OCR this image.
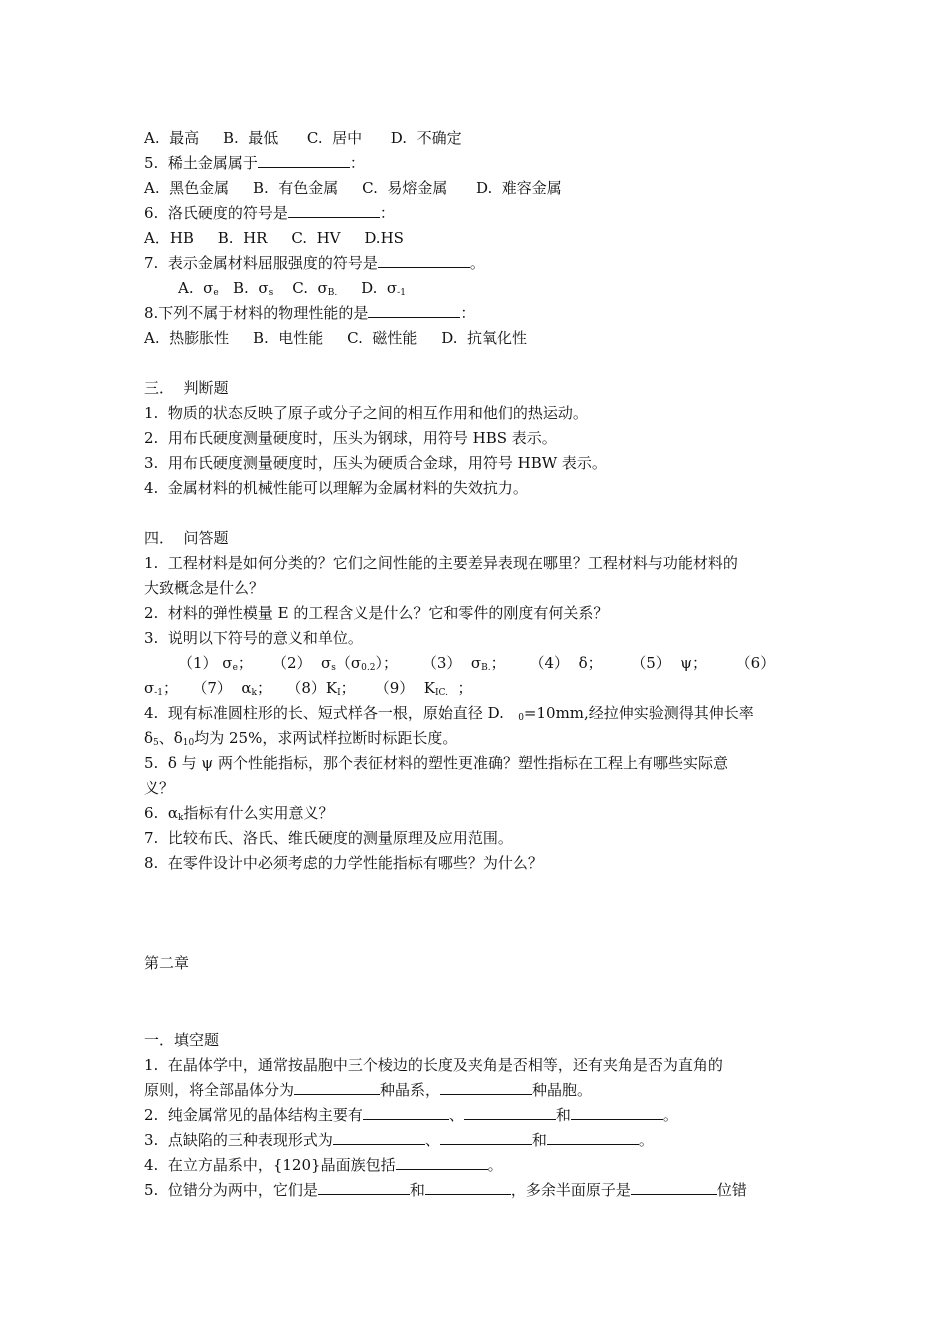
A.  最高     B.  最低      C.  居中      D.  不确定
5.  稀土金属属于	：
A.  黑色金属     B.  有色金属     C.  易熔金属      D.  难容金属
6.  洛氏硬度的符号是	：
A．HB     B.  HR     C.  HV     D.HS
7.  表示金属材料屈服强度的符号是	。
A.  $\sigma_e$   B.  $\sigma_s$    C.  $\sigma_{B.}$     D.  $\sigma_{-1}$
8.下列不属于材料的物理性能的是	：
A.  热膨胀性     B.  电性能     C.  磁性能     D.  抗氧化性
三．  判断题
1.  物质的状态反映了原子或分子之间的相互作用和他们的热运动。
2.  用布氏硬度测量硬度时，压头为钢球，用符号 HBS 表示。
3.  用布氏硬度测量硬度时，压头为硬质合金球，用符号 HBW 表示。
4.  金属材料的机械性能可以理解为金属材料的失效抗力。
四．  问答题
1.  工程材料是如何分类的？它们之间性能的主要差异表现在哪里？工程材料与功能材料的
大致概念是什么？
2.  材料的弹性模量 E 的工程含义是什么？它和零件的刚度有何关系？
3.  说明以下符号的意义和单位。
（1） $\sigma_e$；    （2）  $\sigma_s(\sigma_{0.2})$；     （3）  $\sigma_{B.}$；     （4）  δ；      （5）  ψ；      （6）
$\sigma_{-1}$；   （7）  $\alpha_k$；   $(8)K_I$；    （9）  $K_{IC.}$  ；
4.  现有标准圆柱形的长、短式样各一根，原始直径 D.   $_0$=10mm,经拉伸实验测得其伸长率
$\delta_5$、$\delta_{10}$均为 25%，求两试样拉断时标距长度。
5.  δ 与 ψ 两个性能指标，那个表征材料的塑性更准确？塑性指标在工程上有哪些实际意
义？
6.  $\alpha_k$指标有什么实用意义？
7.  比较布氏、洛氏、维氏硬度的测量原理及应用范围。
8.  在零件设计中必须考虑的力学性能指标有哪些？为什么？
第二章
一．填空题
1.  在晶体学中，通常按晶胞中三个棱边的长度及夹角是否相等，还有夹角是否为直角的
原则，将全部晶体分为	种晶系，	种晶胞。
2.  纯金属常见的晶体结构主要有	、	和	。
3.  点缺陷的三种表现形式为	、	和	。
4.  在立方晶系中，{120}晶面族包括	。
5.  位错分为两中，它们是	和	，多余半面原子是	位错
